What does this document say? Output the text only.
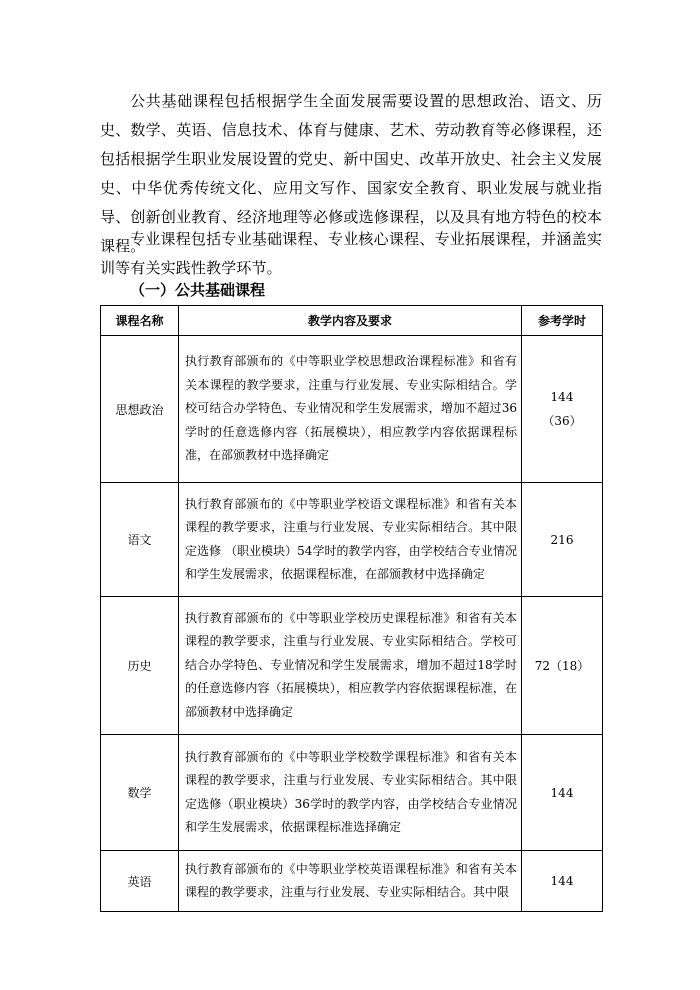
公共基础课程包括根据学生全面发展需要设置的思想政治、语文、历史、数学、英语、信息技术、体育与健康、艺术、劳动教育等必修课程，还包括根据学生职业发展设置的党史、新中国史、改革开放史、社会主义发展史、中华优秀传统文化、应用文写作、国家安全教育、职业发展与就业指导、创新创业教育、经济地理等必修或选修课程，以及具有地方特色的校本课程。

专业课程包括专业基础课程、专业核心课程、专业拓展课程，并涵盖实训等有关实践性教学环节。

（一）公共基础课程

课程名称	教学内容及要求	参考学时
思想政治	执行教育部颁布的《中等职业学校思想政治课程标准》和省有关本课程的教学要求，注重与行业发展、专业实际相结合。学校可结合办学特色、专业情况和学生发展需求，增加不超过36学时的任意选修内容（拓展模块），相应教学内容依据课程标准，在部颁教材中选择确定	144
（36）

语文	执行教育部颁布的《中等职业学校语文课程标准》和省有关本课程的教学要求，注重与行业发展、专业实际相结合。其中限定选修 （职业模块）54学时的教学内容，由学校结合专业情况和学生发展需求，依据课程标准，在部颁教材中选择确定	216
历史	执行教育部颁布的《中等职业学校历史课程标准》和省有关本课程的教学要求，注重与行业发展、专业实际相结合。学校可结合办学特色、专业情况和学生发展需求，增加不超过18学时的任意选修内容（拓展模块），相应教学内容依据课程标准，在部颁教材中选择确定	72（18）
数学	执行教育部颁布的《中等职业学校数学课程标准》和省有关本课程的教学要求，注重与行业发展、专业实际相结合。其中限定选修（职业模块）36学时的教学内容，由学校结合专业情况和学生发展需求，依据课程标准选择确定	144
英语	执行教育部颁布的《中等职业学校英语课程标准》和省有关本课程的教学要求，注重与行业发展、专业实际相结合。其中限	144
